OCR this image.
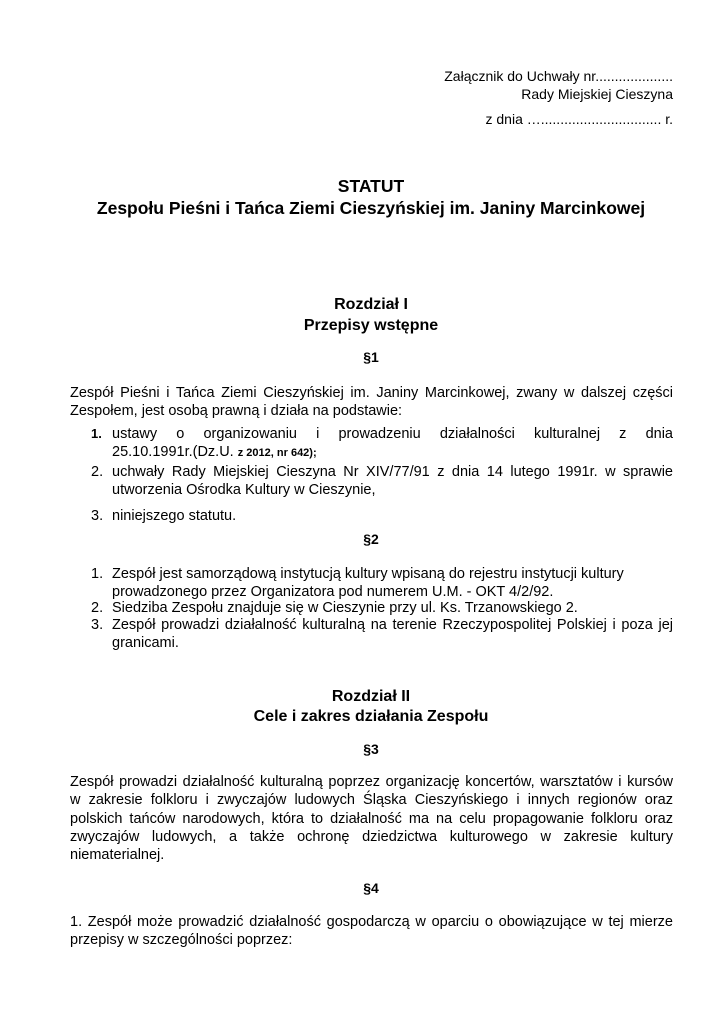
Załącznik do Uchwały nr....................
Rady Miejskiej Cieszyna
z dnia …............................... r.
STATUT
Zespołu Pieśni i Tańca Ziemi Cieszyńskiej im. Janiny Marcinkowej
Rozdział I
Przepisy wstępne
§1
Zespół Pieśni i Tańca Ziemi Cieszyńskiej im. Janiny Marcinkowej, zwany w dalszej części
Zespołem, jest osobą prawną i działa na podstawie:
1. ustawy o organizowaniu i prowadzeniu działalności kulturalnej z dnia
25.10.1991r.(Dz.U. z 2012, nr 642);
2. uchwały Rady Miejskiej Cieszyna Nr XIV/77/91 z dnia 14 lutego 1991r. w sprawie
utworzenia Ośrodka Kultury w Cieszynie,
3. niniejszego statutu.
§2
1. Zespół jest samorządową instytucją kultury wpisaną do rejestru instytucji kultury
prowadzonego przez Organizatora pod numerem U.M. - OKT 4/2/92.
2. Siedziba Zespołu znajduje się w Cieszynie przy ul. Ks. Trzanowskiego 2.
3. Zespół prowadzi działalność kulturalną na terenie Rzeczypospolitej Polskiej i poza jej
granicami.
Rozdział II
Cele i zakres działania Zespołu
§3
Zespół prowadzi działalność kulturalną poprzez organizację koncertów, warsztatów i kursów
w zakresie folkloru i zwyczajów ludowych Śląska Cieszyńskiego i innych regionów oraz
polskich tańców narodowych, która to działalność ma na celu propagowanie folkloru oraz
zwyczajów ludowych, a także ochronę dziedzictwa kulturowego w zakresie kultury
niematerialnej.
§4
1. Zespół może prowadzić działalność gospodarczą w oparciu o obowiązujące w tej mierze
przepisy w szczególności poprzez:
